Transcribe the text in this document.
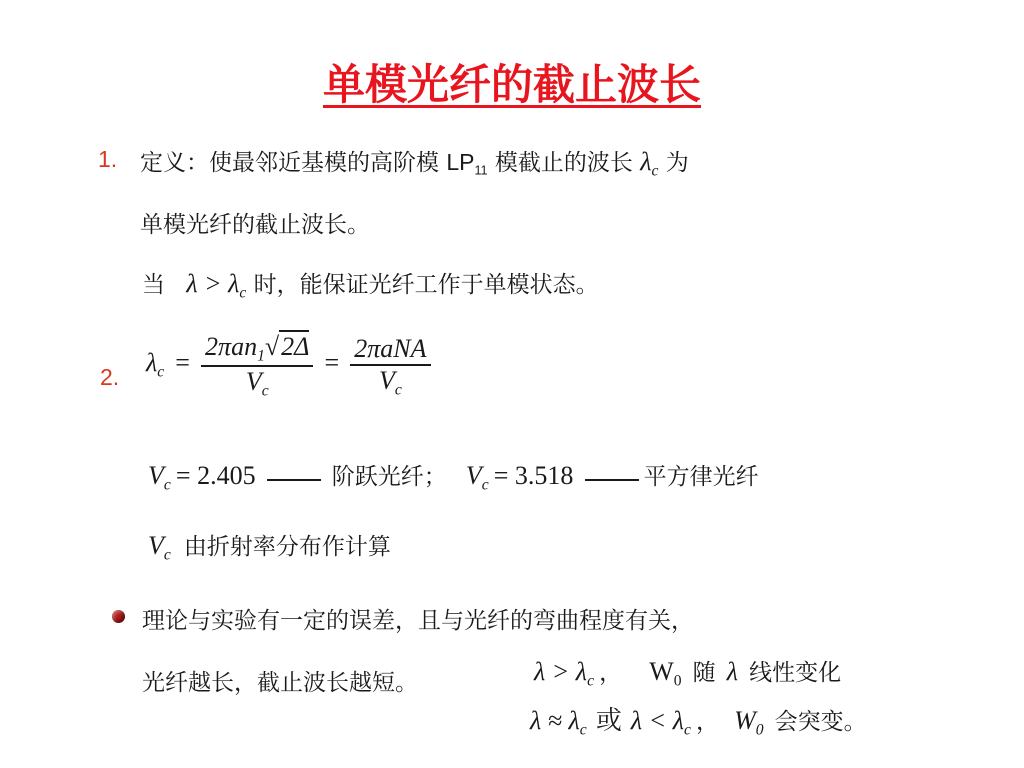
单模光纤的截止波长
1. 定义：使最邻近基模的高阶模 $LP_{11}$ 模截止的波长 $\lambda_c$ 为
单模光纤的截止波长。
当 $\lambda > \lambda_c$ 时，能保证光纤工作于单模状态。
2.
$\lambda_c = \frac{2\pi an_1√2\Delta}{V_c} = \frac{\text{2πaNA}}{V_c}$
$V_c = 2.405$	阶跃光纤； $V_c = 3.518$	平方律光纤
$V_c$ 由折射率分布作计算
理论与实验有一定的误差，且与光纤的弯曲程度有关，
光纤越长，截止波长越短。	$\lambda > \lambda_c$ ， $W_0$ 随 λ 线性变化
$\lambda \approx \lambda_c$ 或 $\lambda < \lambda_c$ ， $W_0$ 会突变。
